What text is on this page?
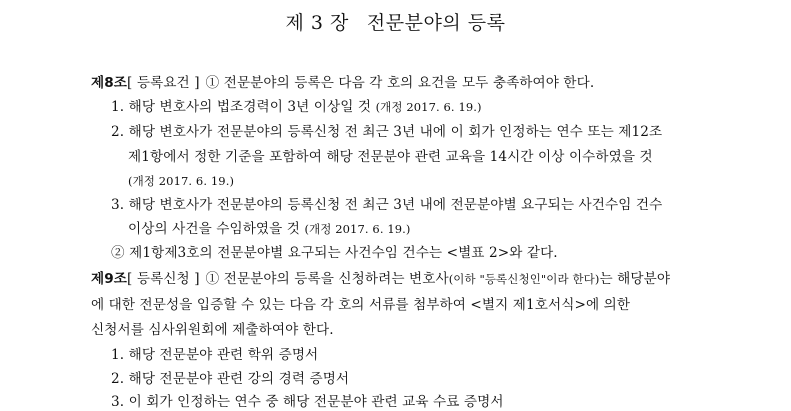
제 3 장 전문분야의 등록
제8조[ 등록요건 ] ① 전문분야의 등록은 다음 각 호의 요건을 모두 충족하여야 한다.
1. 해당 변호사의 법조경력이 3년 이상일 것 (개정 2017. 6. 19.)
2. 해당 변호사가 전문분야의 등록신청 전 최근 3년 내에 이 회가 인정하는 연수 또는 제12조
제1항에서 정한 기준을 포함하여 해당 전문분야 관련 교육을 14시간 이상 이수하였을 것
(개정 2017. 6. 19.)
3. 해당 변호사가 전문분야의 등록신청 전 최근 3년 내에 전문분야별 요구되는 사건수임 건수
이상의 사건을 수임하였을 것 (개정 2017. 6. 19.)
② 제1항제3호의 전문분야별 요구되는 사건수임 건수는 <별표 2>와 같다.
제9조[ 등록신청 ] ① 전문분야의 등록을 신청하려는 변호사(이하 "등록신청인"이라 한다)는 해당분야
에 대한 전문성을 입증할 수 있는 다음 각 호의 서류를 첨부하여 <별지 제1호서식>에 의한
신청서를 심사위원회에 제출하여야 한다.
1. 해당 전문분야 관련 학위 증명서
2. 해당 전문분야 관련 강의 경력 증명서
3. 이 회가 인정하는 연수 중 해당 전문분야 관련 교육 수료 증명서
